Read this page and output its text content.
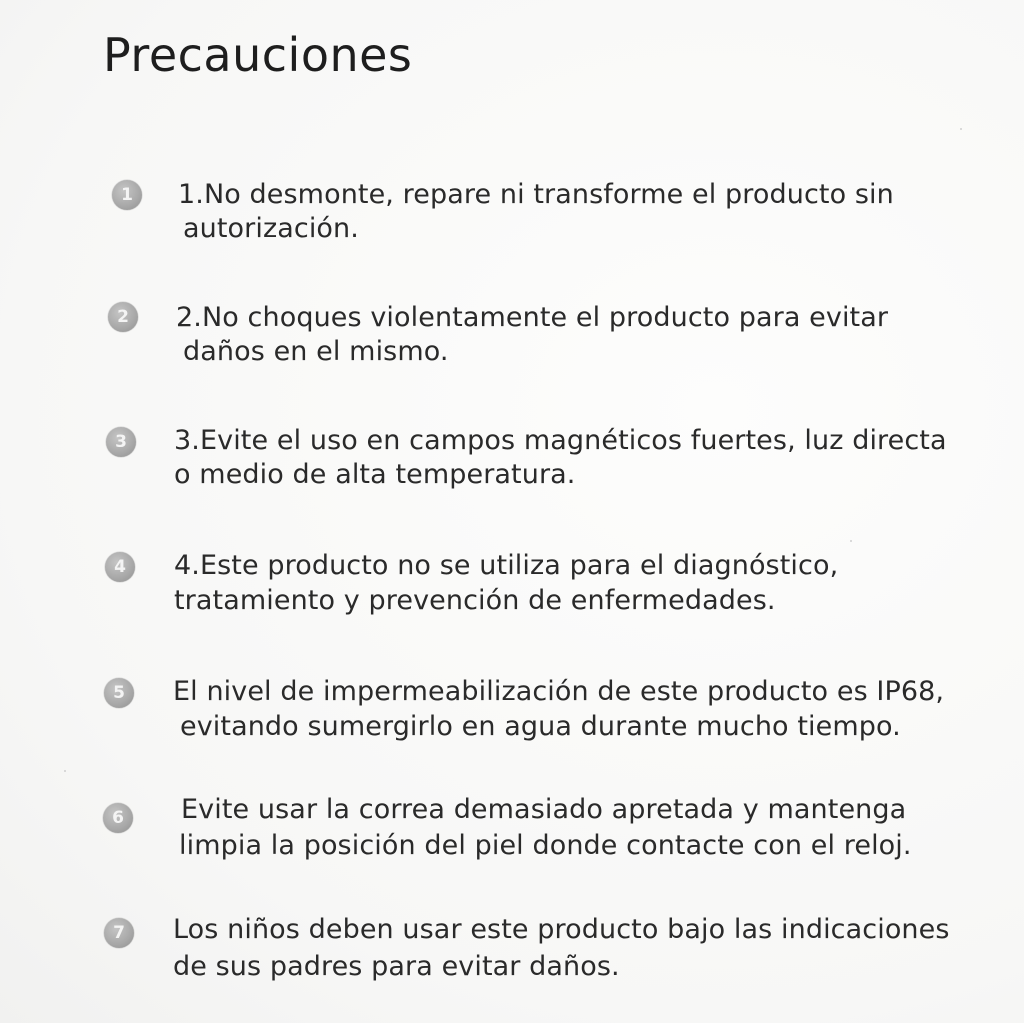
Precauciones
1	1.No desmonte, repare ni transforme el producto sin
autorización.
2	2.No choques violentamente el producto para evitar
daños en el mismo.
3	3.Evite el uso en campos magnéticos fuertes, luz directa
o medio de alta temperatura.
4	4.Este producto no se utiliza para el diagnóstico,
tratamiento y prevención de enfermedades.
5	El nivel de impermeabilización de este producto es IP68,
evitando sumergirlo en agua durante mucho tiempo.
6	Evite usar la correa demasiado apretada y mantenga
limpia la posición del piel donde contacte con el reloj.
7	Los niños deben usar este producto bajo las indicaciones
de sus padres para evitar daños.
